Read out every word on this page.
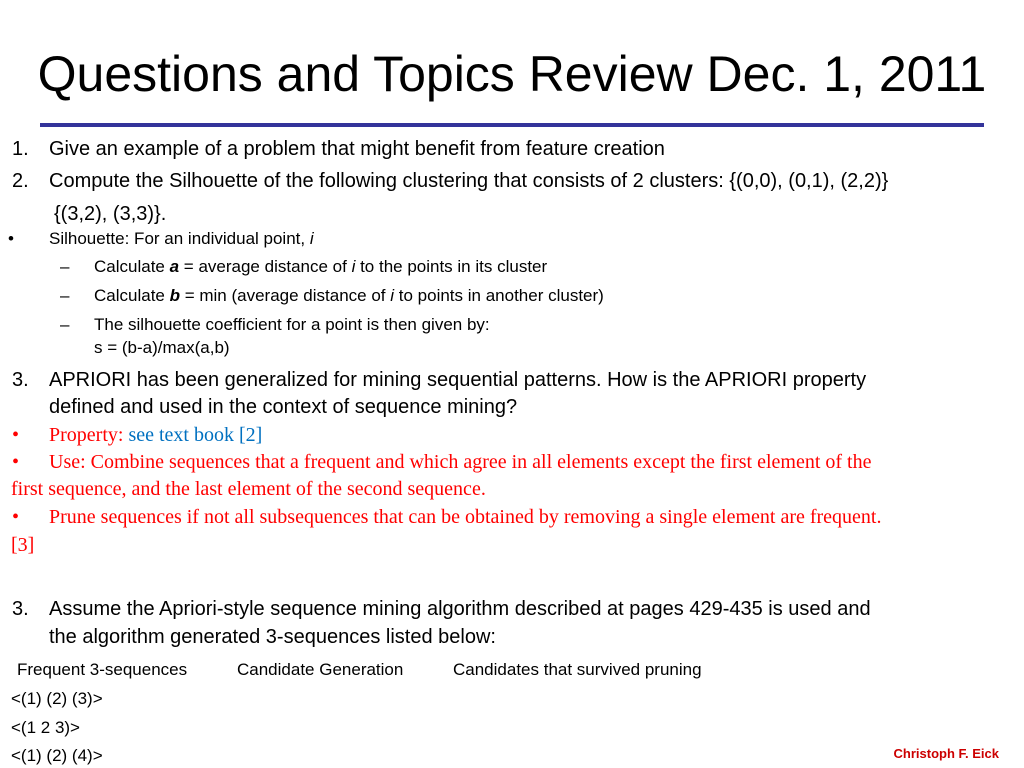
Questions and Topics Review Dec. 1, 2011
1. Give an example of a problem that might benefit from feature creation
2. Compute the Silhouette of the following clustering that consists of 2 clusters: {(0,0), (0,1), (2,2)}
{(3,2), (3,3)}.
• Silhouette: For an individual point, i
– Calculate a = average distance of i to the points in its cluster
– Calculate b = min (average distance of i to points in another cluster)
– The silhouette coefficient for a point is then given by:
s = (b-a)/max(a,b)
3. APRIORI has been generalized for mining sequential patterns. How is the APRIORI property
defined and used in the context of sequence mining?
• Property: see text book [2]
• Use: Combine sequences that a frequent and which agree in all elements except the first element of the
first sequence, and the last element of the second sequence.
• Prune sequences if not all subsequences that can be obtained by removing a single element are frequent.
[3]
3. Assume the Apriori-style sequence mining algorithm described at pages 429-435 is used and
the algorithm generated 3-sequences listed below:
Frequent 3-sequences	Candidate Generation	Candidates that survived pruning
<(1) (2) (3)>
<(1 2 3)>
<(1) (2) (4)>	Christoph F. Eick
